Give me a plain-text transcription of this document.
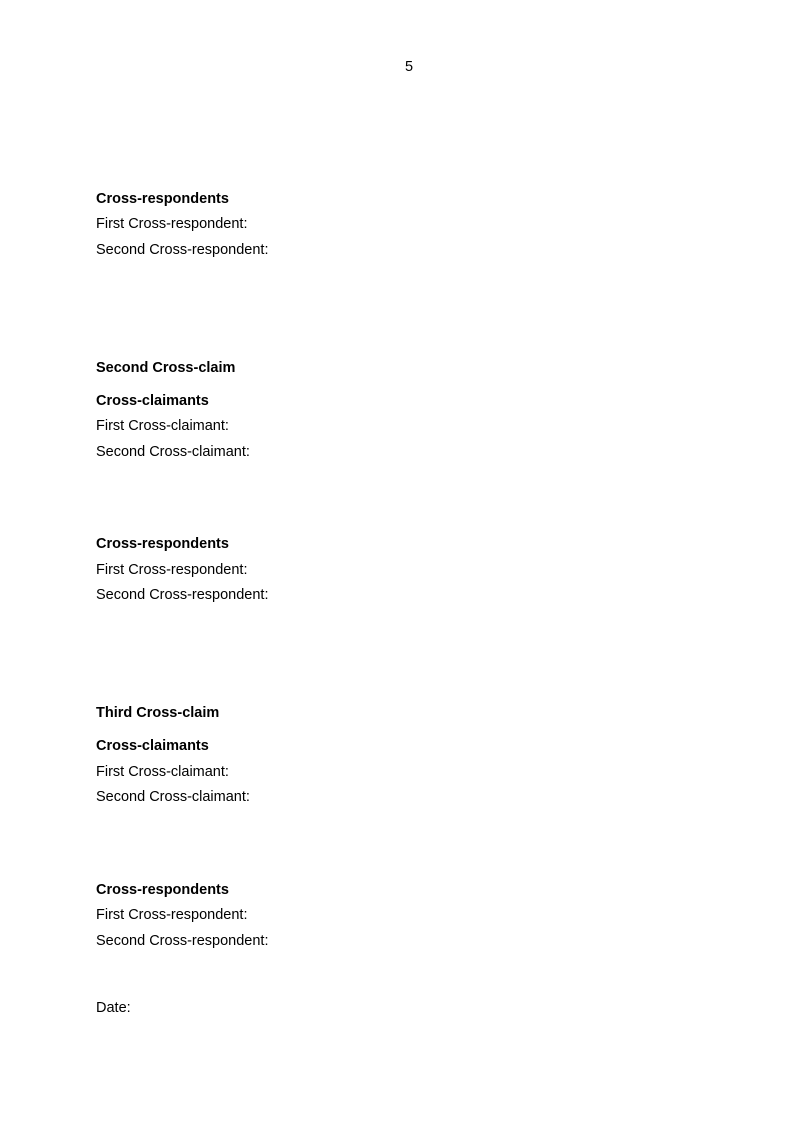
5
Cross-respondents
First Cross-respondent:
Second Cross-respondent:
Second Cross-claim
Cross-claimants
First Cross-claimant:
Second Cross-claimant:
Cross-respondents
First Cross-respondent:
Second Cross-respondent:
Third Cross-claim
Cross-claimants
First Cross-claimant:
Second Cross-claimant:
Cross-respondents
First Cross-respondent:
Second Cross-respondent:
Date:
